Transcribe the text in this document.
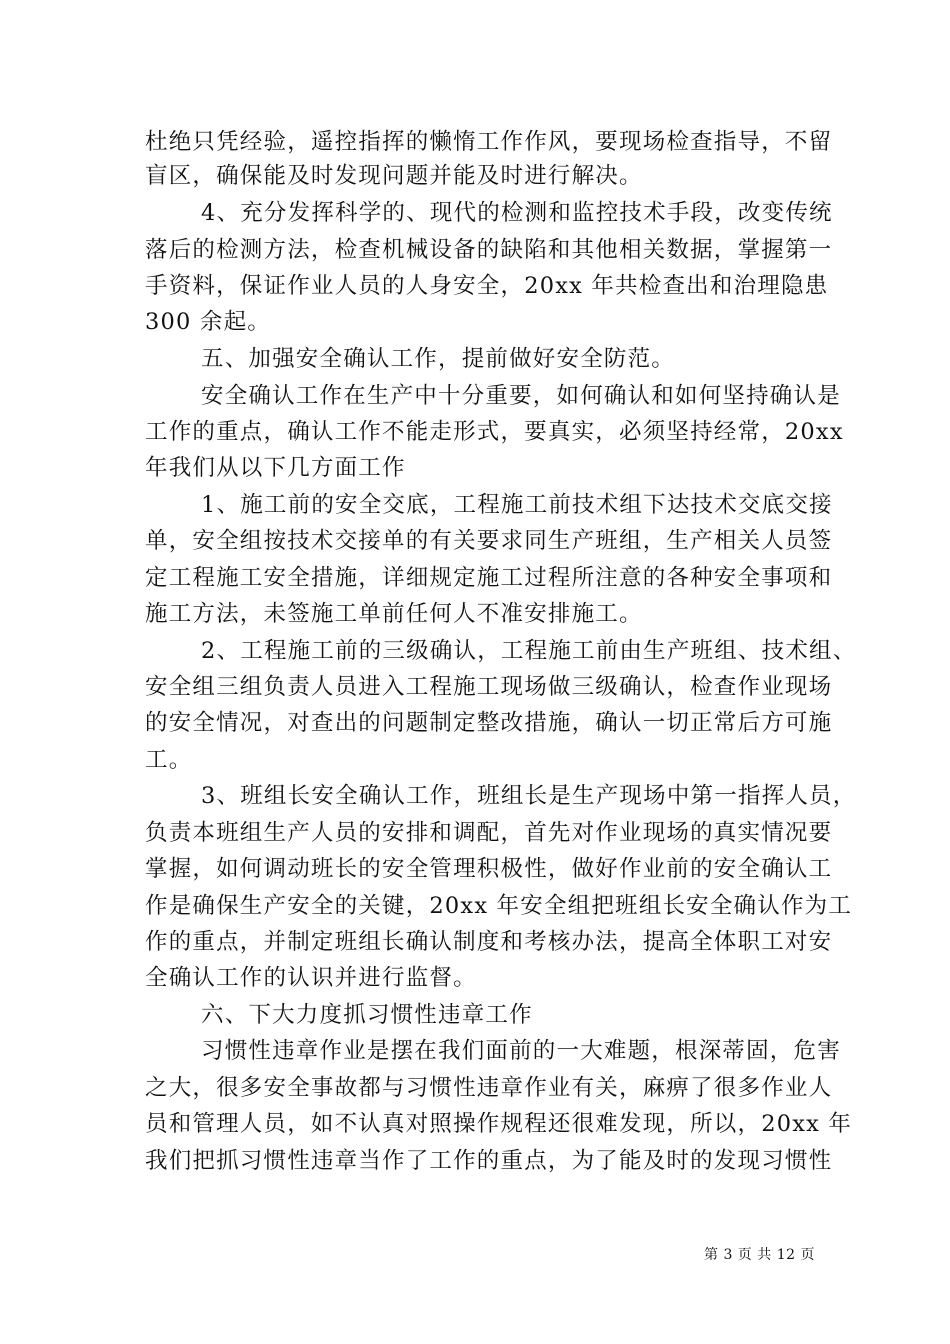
杜绝只凭经验，遥控指挥的懒惰工作作风，要现场检查指导，不留
盲区，确保能及时发现问题并能及时进行解决。
4、充分发挥科学的、现代的检测和监控技术手段，改变传统
落后的检测方法，检查机械设备的缺陷和其他相关数据，掌握第一
手资料，保证作业人员的人身安全，20xx 年共检查出和治理隐患
300 余起。
五、加强安全确认工作，提前做好安全防范。
安全确认工作在生产中十分重要，如何确认和如何坚持确认是
工作的重点，确认工作不能走形式，要真实，必须坚持经常，20xx
年我们从以下几方面工作
1、施工前的安全交底，工程施工前技术组下达技术交底交接
单，安全组按技术交接单的有关要求同生产班组，生产相关人员签
定工程施工安全措施，详细规定施工过程所注意的各种安全事项和
施工方法，未签施工单前任何人不准安排施工。
2、工程施工前的三级确认，工程施工前由生产班组、技术组、
安全组三组负责人员进入工程施工现场做三级确认，检查作业现场
的安全情况，对查出的问题制定整改措施，确认一切正常后方可施
工。
3、班组长安全确认工作，班组长是生产现场中第一指挥人员，
负责本班组生产人员的安排和调配，首先对作业现场的真实情况要
掌握，如何调动班长的安全管理积极性，做好作业前的安全确认工
作是确保生产安全的关键，20xx 年安全组把班组长安全确认作为工
作的重点，并制定班组长确认制度和考核办法，提高全体职工对安
全确认工作的认识并进行监督。
六、下大力度抓习惯性违章工作
习惯性违章作业是摆在我们面前的一大难题，根深蒂固，危害
之大，很多安全事故都与习惯性违章作业有关，麻痹了很多作业人
员和管理人员，如不认真对照操作规程还很难发现，所以，20xx 年
我们把抓习惯性违章当作了工作的重点，为了能及时的发现习惯性
第 3 页 共 12 页
